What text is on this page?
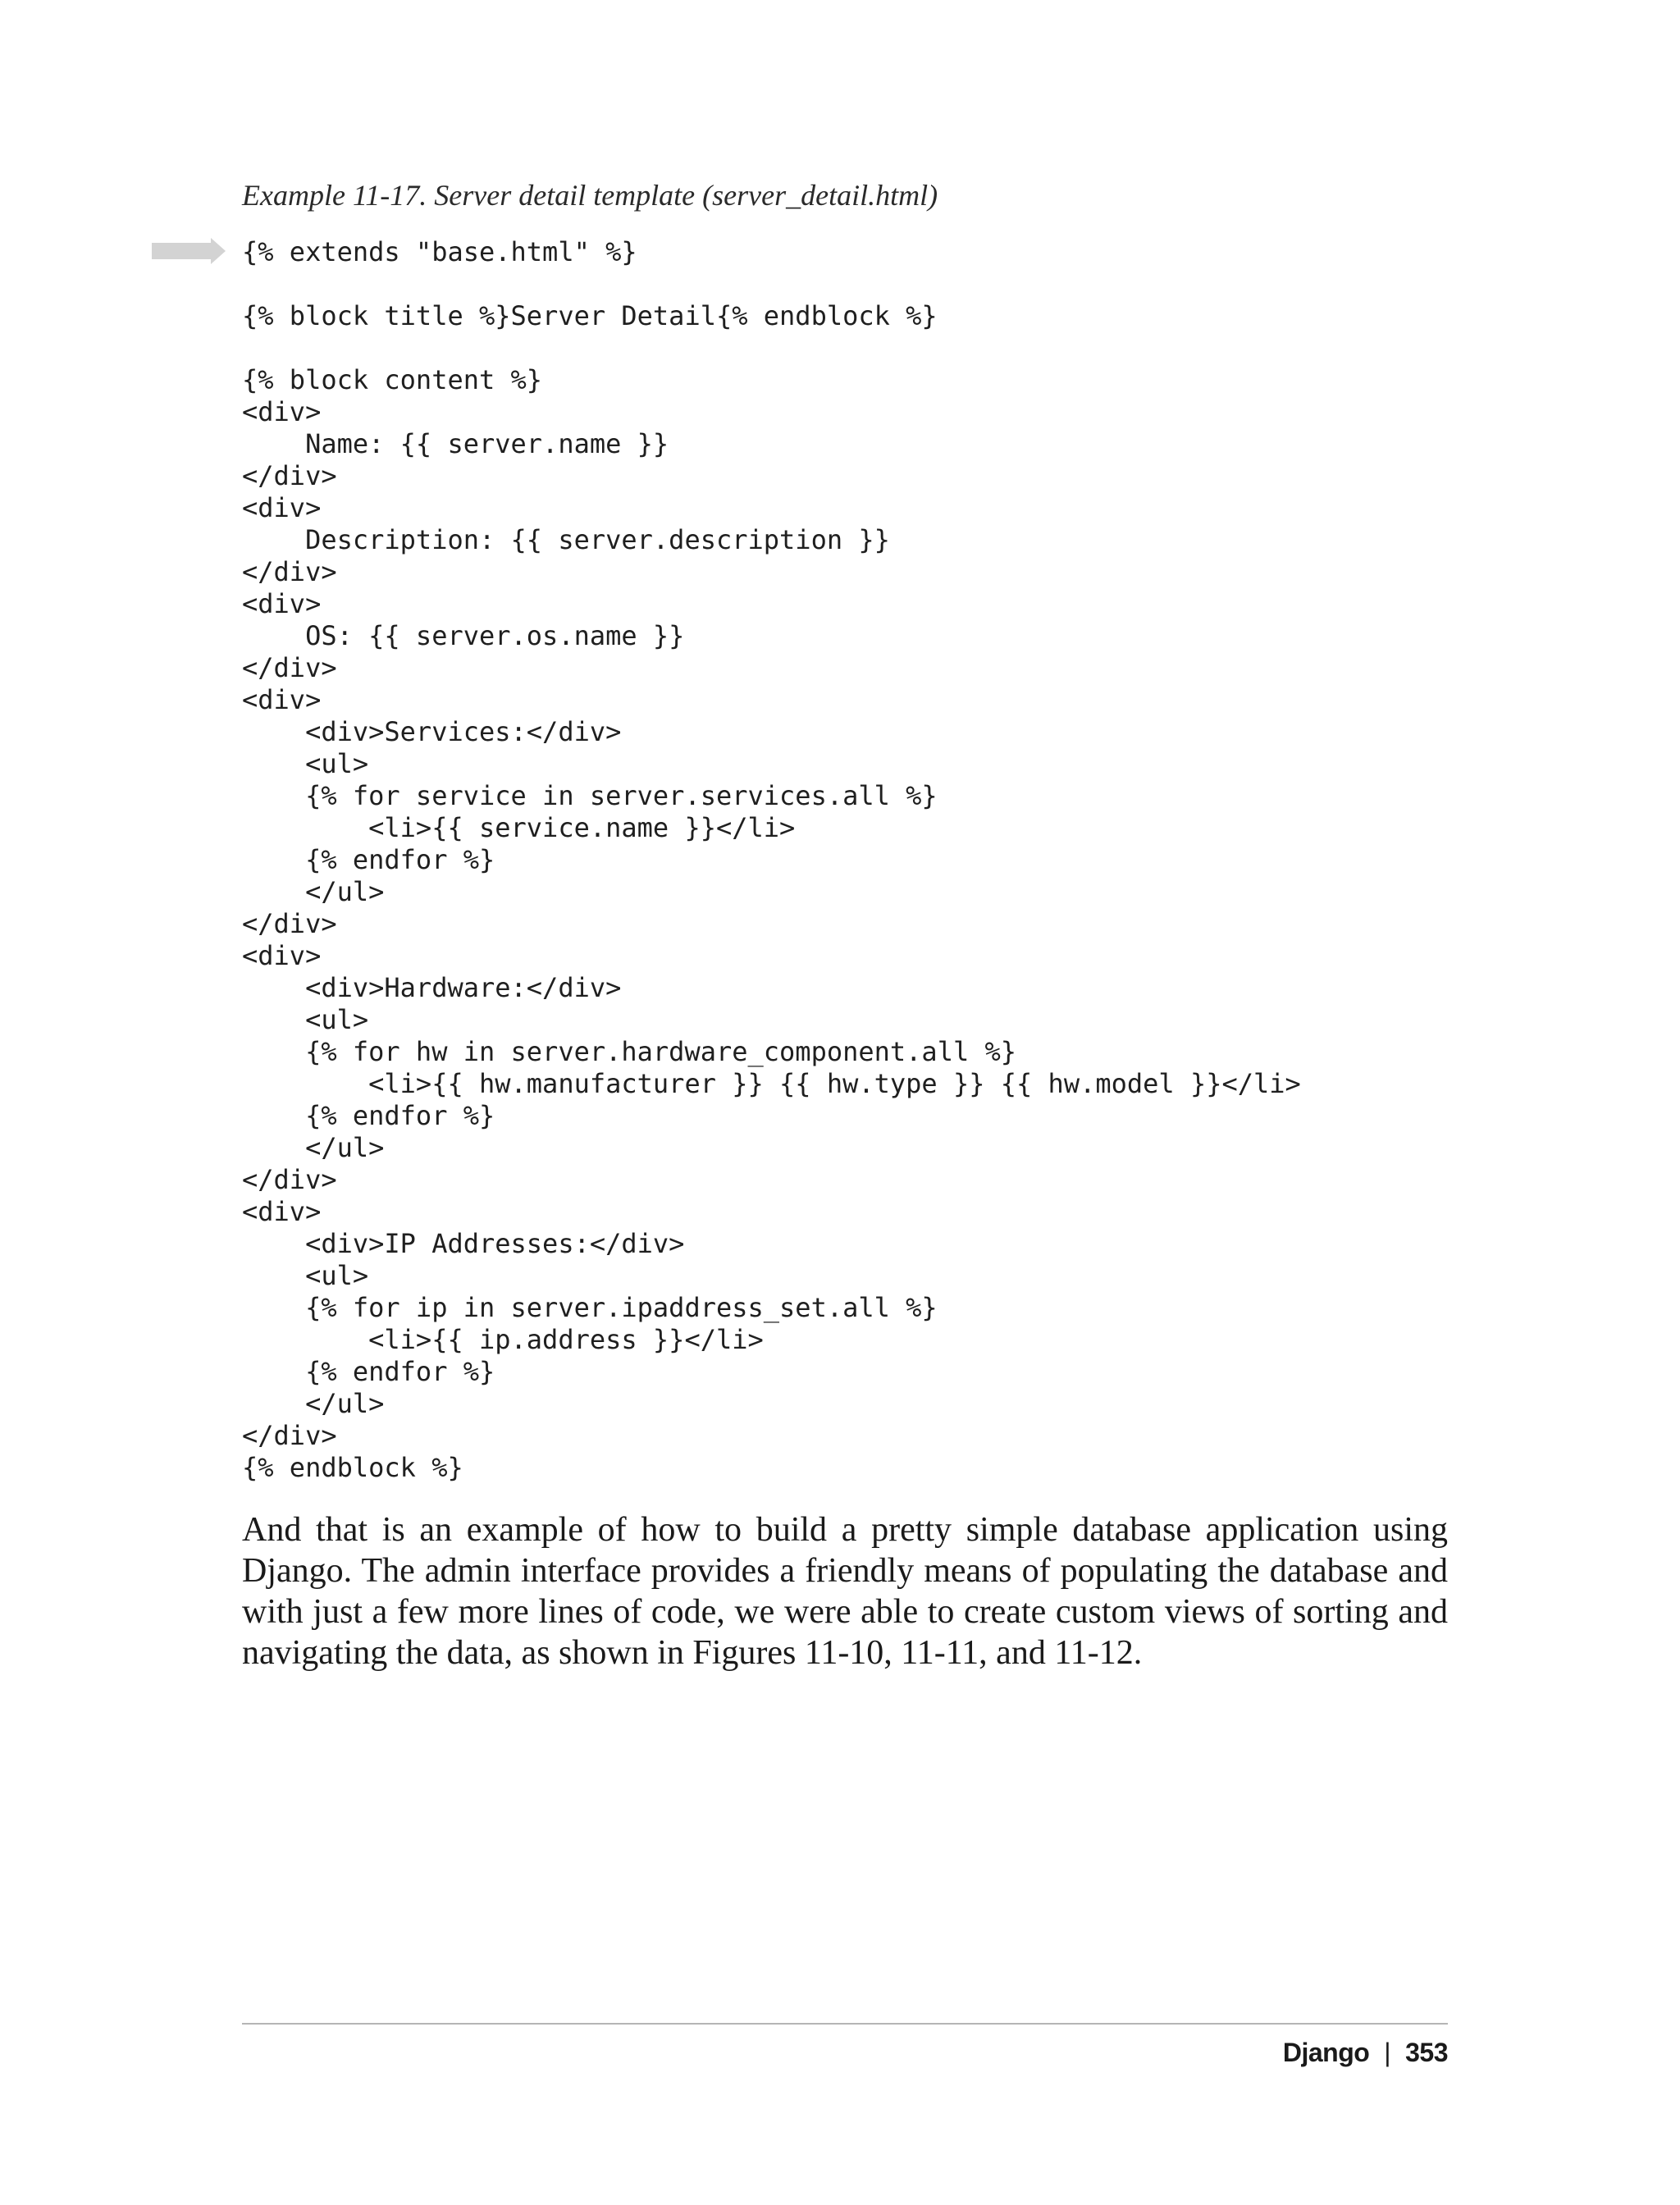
Example 11-17. Server detail template (server_detail.html)
{% extends "base.html" %}
{% block title %}Server Detail{% endblock %}
{% block content %}
<div>
Name: {{ server.name }}
</div>
<div>
Description: {{ server.description }}
</div>
<div>
OS: {{ server.os.name }}
</div>
<div>
<div>Services:</div>
<ul>
{% for service in server.services.all %}
<li>{{ service.name }}</li>
{% endfor %}
</ul>
</div>
<div>
<div>Hardware:</div>
<ul>
{% for hw in server.hardware_component.all %}
<li>{{ hw.manufacturer }} {{ hw.type }} {{ hw.model }}</li>
{% endfor %}
</ul>
</div>
<div>
<div>IP Addresses:</div>
<ul>
{% for ip in server.ipaddress_set.all %}
<li>{{ ip.address }}</li>
{% endfor %}
</ul>
</div>
{% endblock %}

And that is an example of how to build a pretty simple database application using Django. The admin interface provides a friendly means of populating the database and with just a few more lines of code, we were able to create custom views of sorting and navigating the data, as shown in Figures 11-10, 11-11, and 11-12.

Django | 353
